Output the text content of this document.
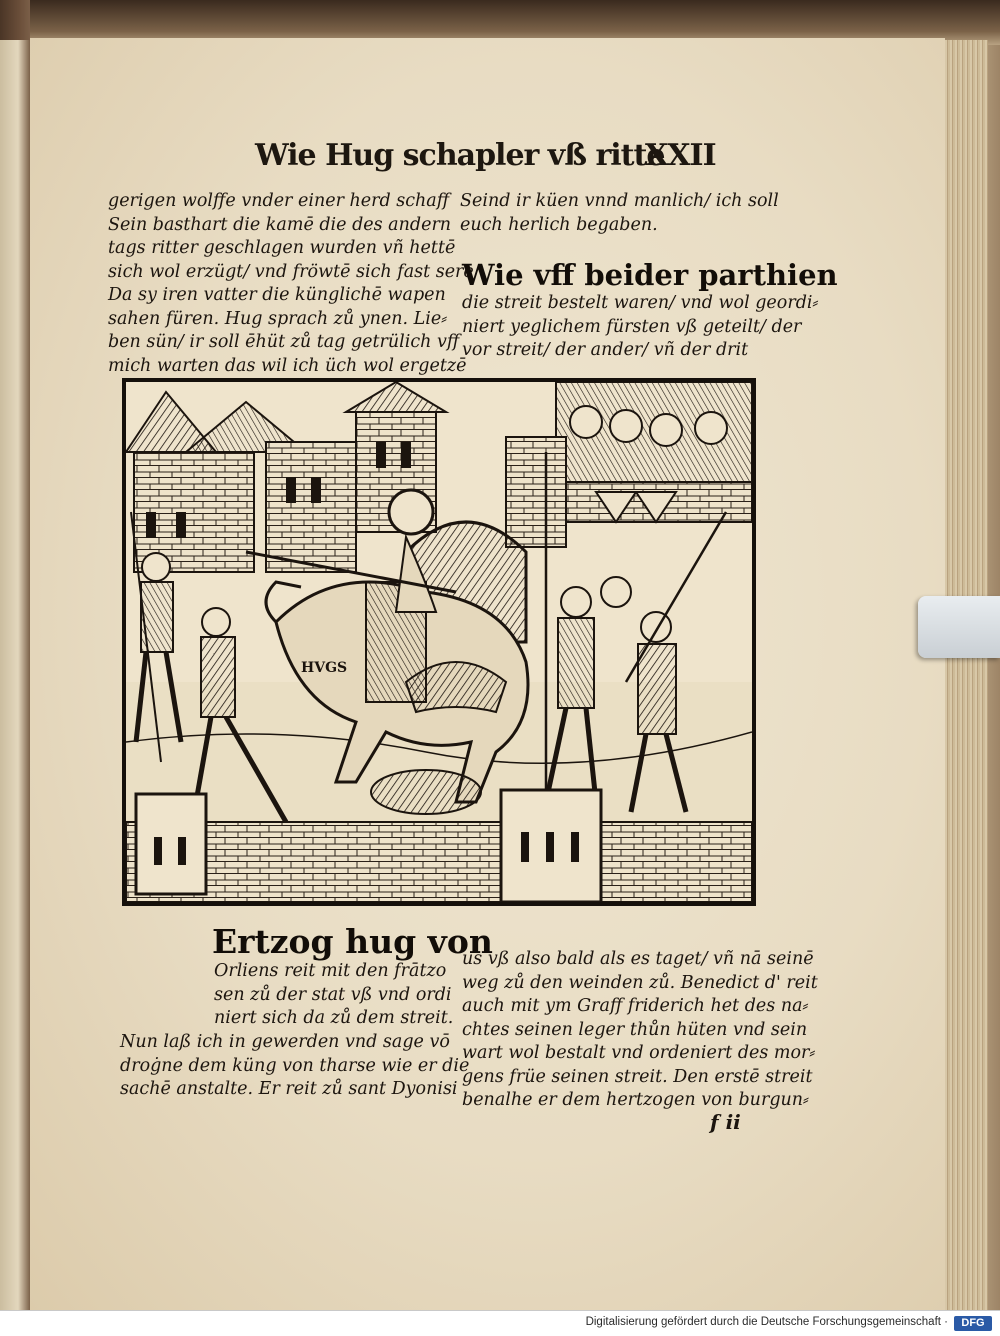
Wie Hug schapler vß ritte
XXII
gerigen wolffe vnder einer herd schaff
Sein basthart die kamē die des andern
tags ritter geschlagen wurden vñ hettē
sich wol erzügt/ vnd fröwtē sich fast sere
Da sy iren vatter die künglichē wapen
sahen füren. Hug sprach zů ynen. Lie⸗
ben sün/ ir soll ēhüt zů tag getrülich vff
mich warten das wil ich üch wol ergetzē
Seind ir küen vnnd manlich/ ich soll
euch herlich begaben.
Wie vff beider parthien
die streit bestelt waren/ vnd wol geordi⸗
niert yeglichem fürsten vß geteilt/ der
vor streit/ der ander/ vñ der drit
HVGS
Ertzog hug von
Orliens reit mit den frātzo
sen zů der stat vß vnd ordi
niert sich da zů dem streit.
Nun laß ich in gewerden vnd sage vō
droġne dem küng von tharse wie er die
sachē anstalte. Er reit zů sant Dyonisi
us vß also bald als es taget/ vñ nā seinē
weg zů den weinden zů. Benedict d' reit
auch mit ym Graff friderich het des na⸗
chtes seinen leger thůn hüten vnd sein
wart wol bestalt vnd ordeniert des mor⸗
gens früe seinen streit. Den erstē streit
benalhe er dem hertzogen von burgun⸗
f ii
Digitalisierung gefördert durch die Deutsche Forschungsgemeinschaft ·	DFG
